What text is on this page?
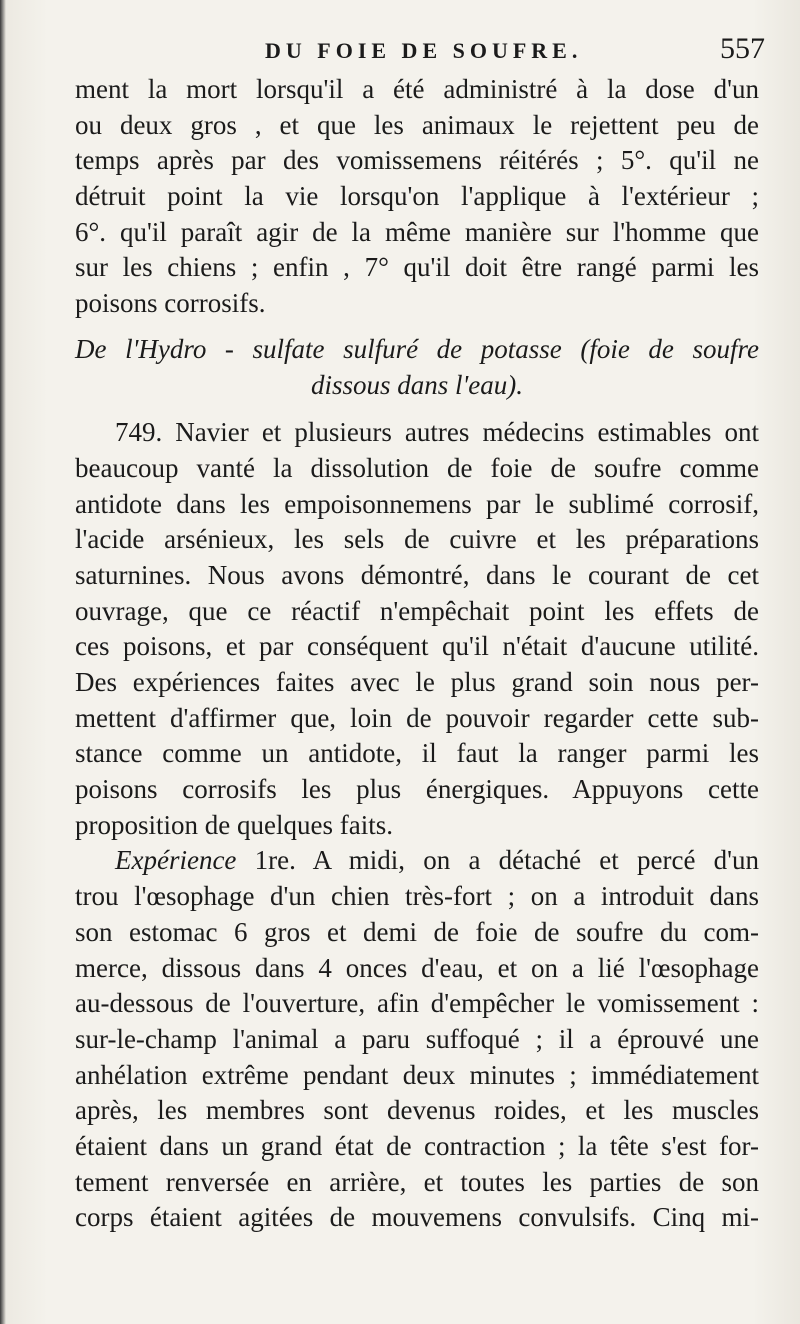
DU FOIE DE SOUFRE.	557
ment la mort lorsqu'il a été administré à la dose d'un
ou deux gros , et que les animaux le rejettent peu de
temps après par des vomissemens réitérés ; 5°. qu'il ne
détruit point la vie lorsqu'on l'applique à l'extérieur ;
6°. qu'il paraît agir de la même manière sur l'homme que
sur les chiens ; enfin , 7° qu'il doit être rangé parmi les
poisons corrosifs.
De l'Hydro - sulfate sulfuré de potasse (foie de soufre
dissous dans l'eau).
749. Navier et plusieurs autres médecins estimables ont
beaucoup vanté la dissolution de foie de soufre comme
antidote dans les empoisonnemens par le sublimé corrosif,
l'acide arsénieux, les sels de cuivre et les préparations
saturnines. Nous avons démontré, dans le courant de cet
ouvrage, que ce réactif n'empêchait point les effets de
ces poisons, et par conséquent qu'il n'était d'aucune utilité.
Des expériences faites avec le plus grand soin nous per-
mettent d'affirmer que, loin de pouvoir regarder cette sub-
stance comme un antidote, il faut la ranger parmi les
poisons corrosifs les plus énergiques. Appuyons cette
proposition de quelques faits.
Expérience 1re. A midi, on a détaché et percé d'un
trou l'œsophage d'un chien très-fort ; on a introduit dans
son estomac 6 gros et demi de foie de soufre du com-
merce, dissous dans 4 onces d'eau, et on a lié l'œsophage
au-dessous de l'ouverture, afin d'empêcher le vomissement :
sur-le-champ l'animal a paru suffoqué ; il a éprouvé une
anhélation extrême pendant deux minutes ; immédiatement
après, les membres sont devenus roides, et les muscles
étaient dans un grand état de contraction ; la tête s'est for-
tement renversée en arrière, et toutes les parties de son
corps étaient agitées de mouvemens convulsifs. Cinq mi-
